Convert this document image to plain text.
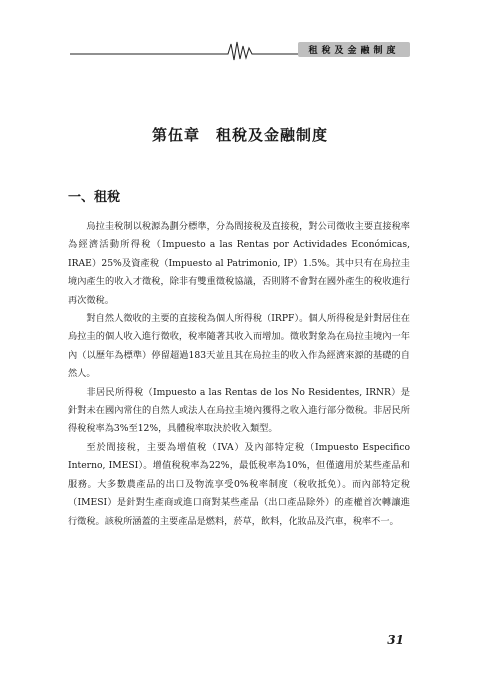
租稅及金融制度
第伍章　租稅及金融制度
一、租稅

烏拉圭稅制以稅源為劃分標準，分為間接稅及直接稅，對公司徵收主要直接稅率為經濟活動所得稅（Impuesto a las Rentas por Actividades Económicas, IRAE）25%及資產稅（Impuesto al Patrimonio, IP）1.5%。其中只有在烏拉圭境內產生的收入才徵稅，除非有雙重徵稅協議，否則將不會對在國外產生的稅收進行再次徵稅。

對自然人徵收的主要的直接稅為個人所得稅（IRPF）。個人所得稅是針對居住在烏拉圭的個人收入進行徵收，稅率隨著其收入而增加。徵收對象為在烏拉圭境內一年內（以歷年為標準）停留超過183天並且其在烏拉圭的收入作為經濟來源的基礎的自然人。

非居民所得稅（Impuesto a las Rentas de los No Residentes, IRNR）是針對未在國內常住的自然人或法人在烏拉圭境內獲得之收入進行部分徵稅。非居民所得稅稅率為3%至12%，具體稅率取決於收入類型。

至於間接稅，主要為增值稅（IVA）及內部特定稅（Impuesto Especifico Interno, IMESI）。增值稅稅率為22%，最低稅率為10%，但僅適用於某些產品和服務。大多數農產品的出口及物流享受0%稅率制度（稅收抵免）。而內部特定稅（IMESI）是針對生產商或進口商對某些產品（出口產品除外）的產權首次轉讓進行徵稅。該稅所涵蓋的主要產品是燃料，菸草，飲料，化妝品及汽車，稅率不一。

31
